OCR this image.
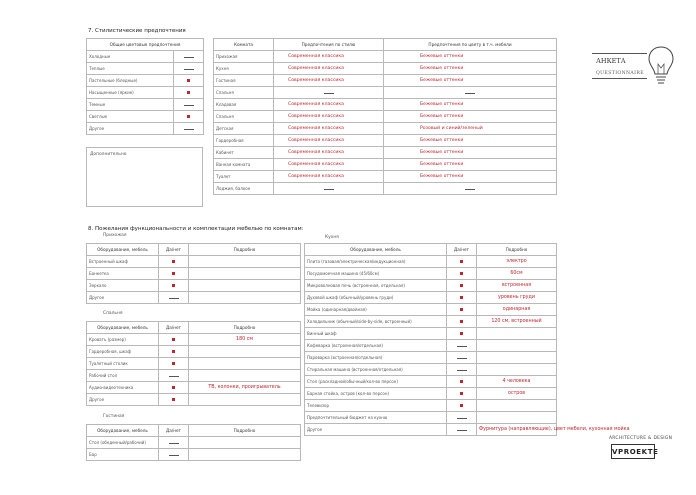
7. Стилистические предпочтения
Общие цветовые предпочтения	
Холодные	
Теплые	
Пастельные (бледные)	
Насыщенные (яркие)	
Темные	
Светлые	
Другое	
Дополнительно
Комната	Предпочтения по стилю	Предпочтения по цвету в т.ч. мебели
Прихожая	Современная классика	Бежевые оттенки
Кухня	Современная классика	Бежевые оттенки
Гостиная	Современная классика	Бежевые оттенки
Спальня		
Кладовая	Современная классика	Бежевые оттенки
Спальня	Современная классика	Бежевые оттенки
Детская	Современная классика	Розовый и синий/зеленый
Гардеробная	Современная классика	Бежевые оттенки
Кабинет	Современная классика	Бежевые оттенки
Ванная комната	Современная классика	Бежевые оттенки
Туалет	Современная классика	Бежевые оттенки
Лоджия, балкон		
АНКЕТА
QUESTIONNAIRE
8. Пожелания функциональности и комплектации мебелью по комнатам:
Прихожая
Оборудование, мебель	Да/нет	Подробно
Встроенный шкаф		
Банкетка		
Зеркало		
Другое		
Спальня
Оборудование, мебель	Да/нет	Подробно
Кровать (размер)		180 см
Гардеробная, шкаф		
Туалетный столик		
Рабочий стол		
Аудио-видеотехника		ТВ, колонки, проигрыватель
Другое		
Гостиная
Оборудование, мебель	Да/нет	Подробно
Стол (обеденный/рабочий)		
Бар		
Кухня
Оборудование, мебель	Да/нет	Подробно
Плита (газовая/электрическая/индукционная)		электро
Посудомоечная машина (45/60см)		60см
Микроволновая печь (встроенная, отдельная)		встроенная
Духовой шкаф (обычный/уровень груди)		уровень груди
Мойка (одинарная/двойная)		одинарная
Холодильник (обычный/side-by-side, встроенный)		120 см, встроенный
Винный шкаф		
Кофеварка (встроенная/отдельная)		
Пароварка (встроенная/отдельная)		
Стиральная машина (встроенная/отдельная)		
Стол (раскладной/обычный/кол-во персон)		4 человека
Барная стойка, остров (кол-во персон)		остров
Телевизор		
Предпочтительный бюджет на кухню		
Другое		Фурнитура (направляющие), цвет мебели, кухонная мойка
ARCHITECTURE & DESIGN
VPROEKTE
